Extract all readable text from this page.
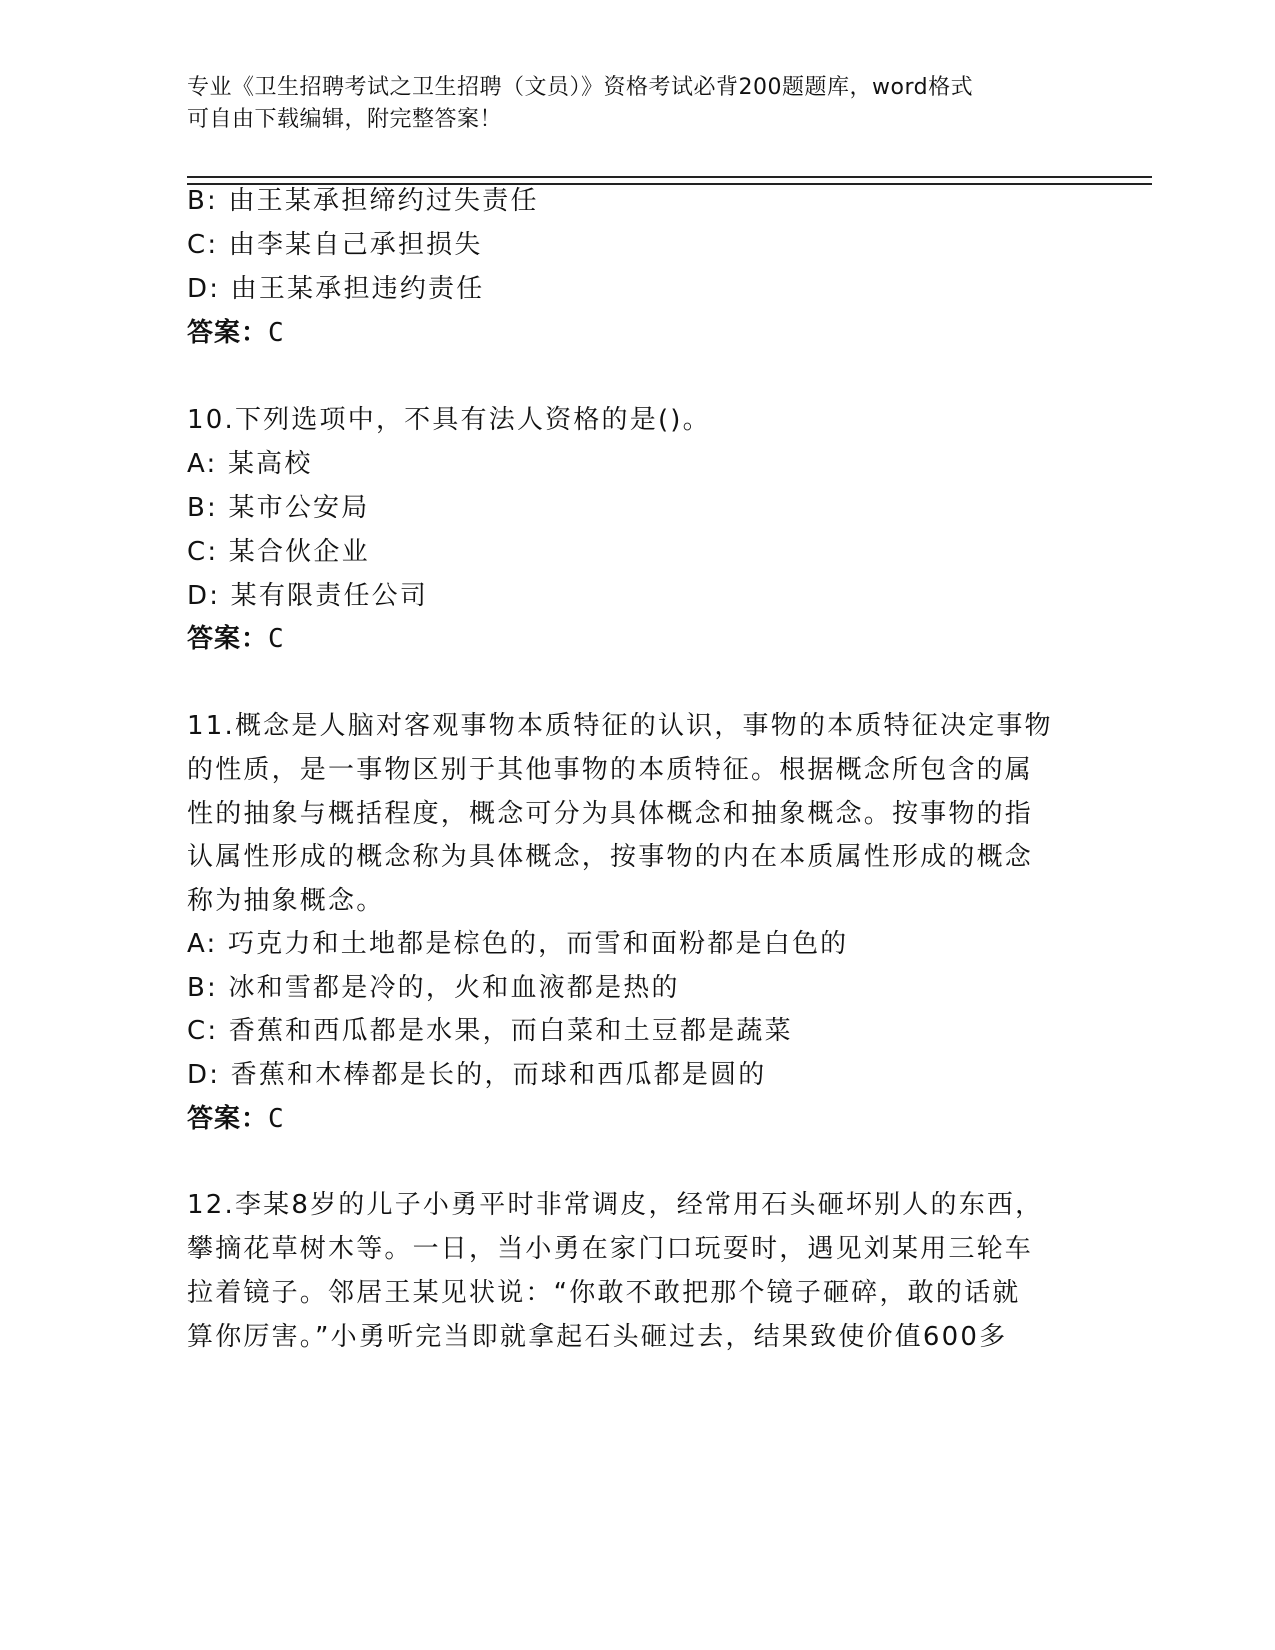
专业《卫生招聘考试之卫生招聘（文员）》资格考试必背200题题库，word格式
可自由下载编辑，附完整答案！
B: 由王某承担缔约过失责任
C: 由李某自己承担损失
D: 由王某承担违约责任
答案：C
10.下列选项中，不具有法人资格的是()。
A: 某高校
B: 某市公安局
C: 某合伙企业
D: 某有限责任公司
答案：C
11.概念是人脑对客观事物本质特征的认识，事物的本质特征决定事物
的性质，是一事物区别于其他事物的本质特征。根据概念所包含的属
性的抽象与概括程度，概念可分为具体概念和抽象概念。按事物的指
认属性形成的概念称为具体概念，按事物的内在本质属性形成的概念
称为抽象概念。
A: 巧克力和土地都是棕色的，而雪和面粉都是白色的
B: 冰和雪都是冷的，火和血液都是热的
C: 香蕉和西瓜都是水果，而白菜和土豆都是蔬菜
D: 香蕉和木棒都是长的，而球和西瓜都是圆的
答案：C
12.李某8岁的儿子小勇平时非常调皮，经常用石头砸坏别人的东西，
攀摘花草树木等。一日，当小勇在家门口玩耍时，遇见刘某用三轮车
拉着镜子。邻居王某见状说：“你敢不敢把那个镜子砸碎，敢的话就
算你厉害。”小勇听完当即就拿起石头砸过去，结果致使价值600多
